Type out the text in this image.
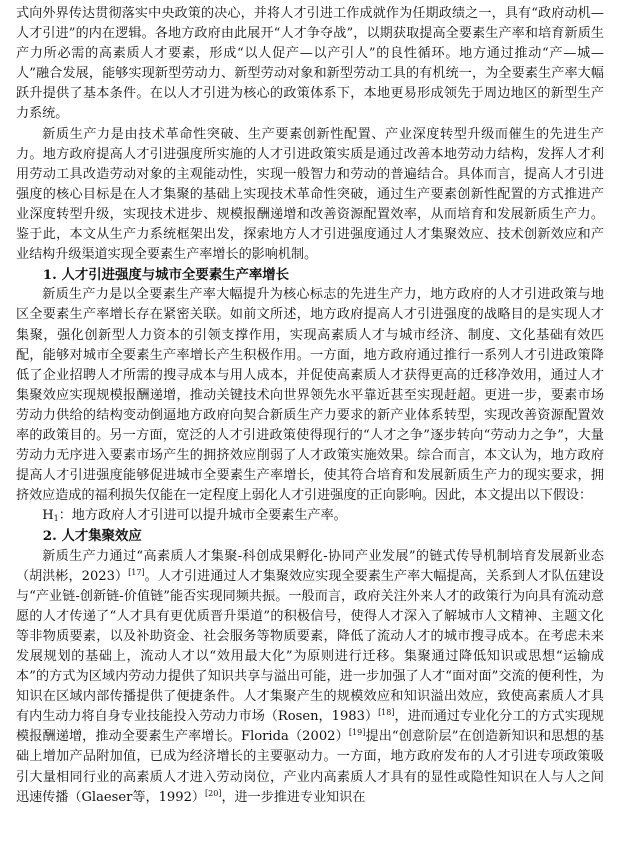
式向外界传达贯彻落实中央政策的决心，并将人才引进工作成就作为任期政绩之一，具有“政府动机—人才引进”的内在逻辑。各地方政府由此展开“人才争夺战”，以期获取提高全要素生产率和培育新质生产力所必需的高素质人才要素，形成“以人促产—以产引人”的良性循环。地方通过推动“产—城—人”融合发展，能够实现新型劳动力、新型劳动对象和新型劳动工具的有机统一，为全要素生产率大幅跃升提供了基本条件。在以人才引进为核心的政策体系下，本地更易形成领先于周边地区的新型生产力系统。

新质生产力是由技术革命性突破、生产要素创新性配置、产业深度转型升级而催生的先进生产力。地方政府提高人才引进强度所实施的人才引进政策实质是通过改善本地劳动力结构，发挥人才利用劳动工具改造劳动对象的主观能动性，实现一般智力和劳动的普遍结合。具体而言，提高人才引进强度的核心目标是在人才集聚的基础上实现技术革命性突破，通过生产要素创新性配置的方式推进产业深度转型升级，实现技术进步、规模报酬递增和改善资源配置效率，从而培育和发展新质生产力。鉴于此，本文从生产力系统框架出发，探索地方人才引进强度通过人才集聚效应、技术创新效应和产业结构升级渠道实现全要素生产率增长的影响机制。

1. 人才引进强度与城市全要素生产率增长

新质生产力是以全要素生产率大幅提升为核心标志的先进生产力，地方政府的人才引进政策与地区全要素生产率增长存在紧密关联。如前文所述，地方政府提高人才引进强度的战略目的是实现人才集聚，强化创新型人力资本的引领支撑作用，实现高素质人才与城市经济、制度、文化基础有效匹配，能够对城市全要素生产率增长产生积极作用。一方面，地方政府通过推行一系列人才引进政策降低了企业招聘人才所需的搜寻成本与用人成本，并促使高素质人才获得更高的迁移净效用，通过人才集聚效应实现规模报酬递增，推动关键技术向世界领先水平靠近甚至实现赶超。更进一步，要素市场劳动力供给的结构变动倒逼地方政府向契合新质生产力要求的新产业体系转型，实现改善资源配置效率的政策目的。另一方面，宽泛的人才引进政策使得现行的“人才之争”逐步转向“劳动力之争”，大量劳动力无序进入要素市场产生的拥挤效应削弱了人才政策实施效果。综合而言，本文认为，地方政府提高人才引进强度能够促进城市全要素生产率增长，使其符合培育和发展新质生产力的现实要求，拥挤效应造成的福利损失仅能在一定程度上弱化人才引进强度的正向影响。因此，本文提出以下假设：

$H_1$：地方政府人才引进可以提升城市全要素生产率。

2. 人才集聚效应

新质生产力通过“高素质人才集聚-科创成果孵化-协同产业发展”的链式传导机制培育发展新业态（胡洪彬，2023）[17]。人才引进通过人才集聚效应实现全要素生产率大幅提高，关系到人才队伍建设与“产业链-创新链-价值链”能否实现同频共振。一般而言，政府关注外来人才的政策行为向具有流动意愿的人才传递了“人才具有更优质晋升渠道”的积极信号，使得人才深入了解城市人文精神、主题文化等非物质要素，以及补助资金、社会服务等物质要素，降低了流动人才的城市搜寻成本。在考虑未来发展规划的基础上，流动人才以“效用最大化”为原则进行迁移。集聚通过降低知识或思想“运输成本”的方式为区域内劳动力提供了知识共享与溢出可能，进一步加强了人才“面对面”交流的便利性，为知识在区域内部传播提供了便捷条件。人才集聚产生的规模效应和知识溢出效应，致使高素质人才具有内生动力将自身专业技能投入劳动力市场（Rosen，1983）[18]，进而通过专业化分工的方式实现规模报酬递增，推动全要素生产率增长。Florida（2002）[19]提出“创意阶层”在创造新知识和思想的基础上增加产品附加值，已成为经济增长的主要驱动力。一方面，地方政府发布的人才引进专项政策吸引大量相同行业的高素质人才进入劳动岗位，产业内高素质人才具有的显性或隐性知识在人与人之间迅速传播（Glaeser等，1992）[20]，进一步推进专业知识在
